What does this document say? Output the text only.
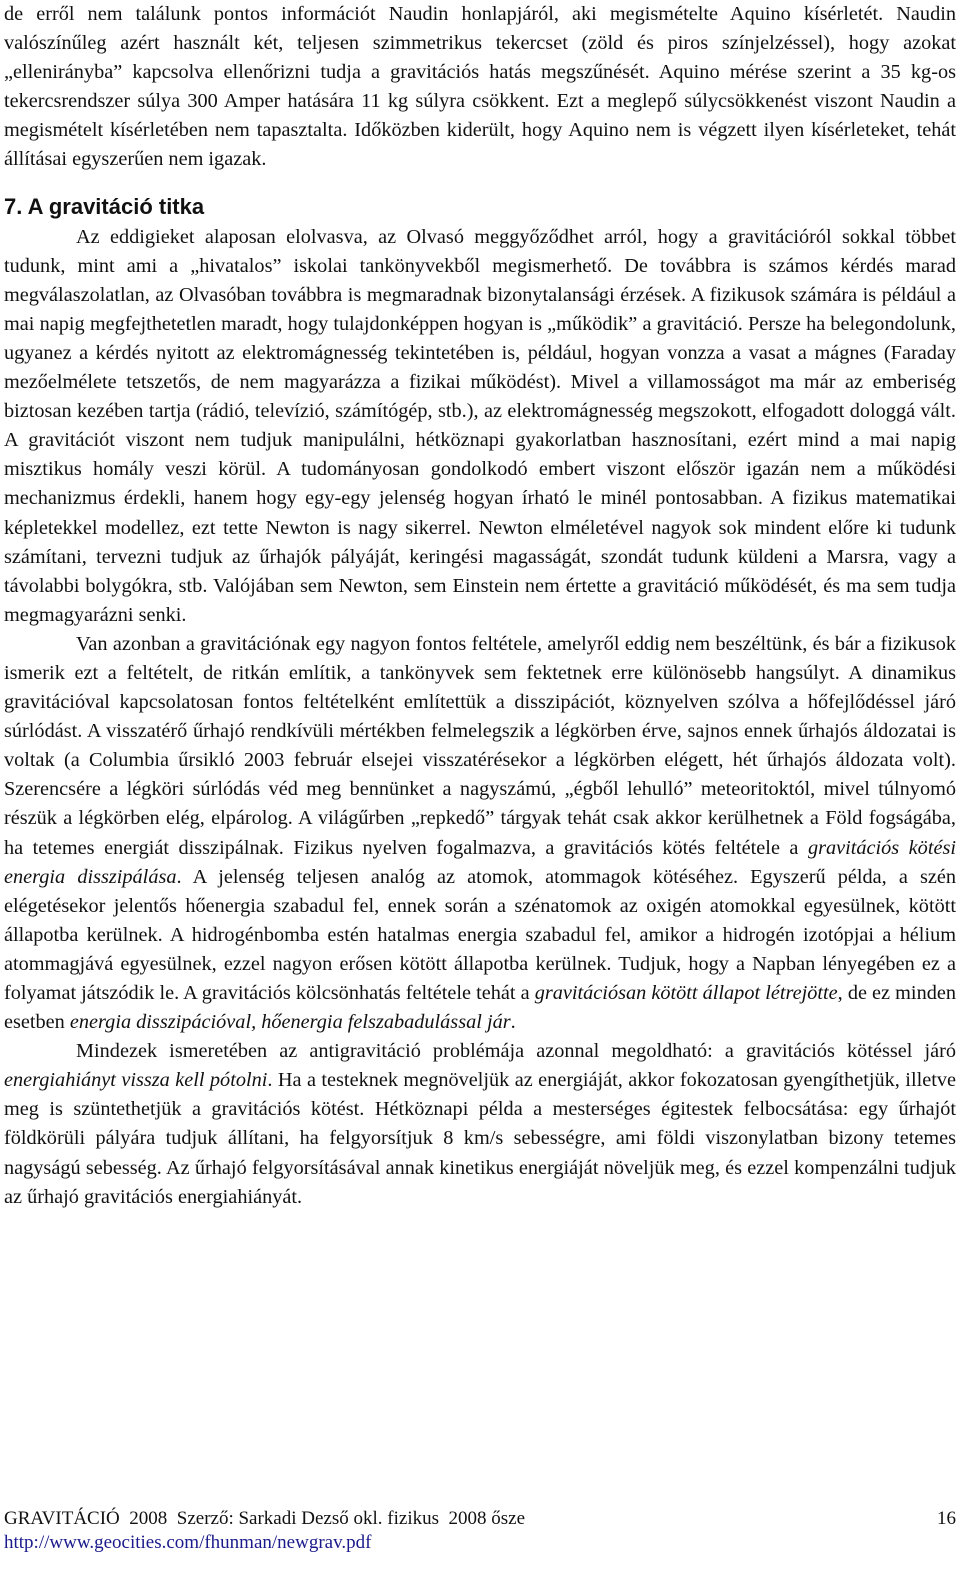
de erről nem találunk pontos információt Naudin honlapjáról, aki megismételte Aquino kísérletét. Naudin valószínűleg azért használt két, teljesen szimmetrikus tekercset (zöld és piros színjelzéssel), hogy azokat „ellenirányba” kapcsolva ellenőrizni tudja a gravitációs hatás megszűnését. Aquino mérése szerint a 35 kg-os tekercsrendszer súlya 300 Amper hatására 11 kg súlyra csökkent. Ezt a meglepő súlycsökkenést viszont Naudin a megismételt kísérletében nem tapasztalta. Időközben kiderült, hogy Aquino nem is végzett ilyen kísérleteket, tehát állításai egyszerűen nem igazak.

7. A gravitáció titka

Az eddigieket alaposan elolvasva, az Olvasó meggyőződhet arról, hogy a gravitációról sokkal többet tudunk, mint ami a „hivatalos” iskolai tankönyvekből megismerhető. De továbbra is számos kérdés marad megválaszolatlan, az Olvasóban továbbra is megmaradnak bizonytalansági érzések. A fizikusok számára is például a mai napig megfejthetetlen maradt, hogy tulajdonképpen hogyan is „működik” a gravitáció. Persze ha belegondolunk, ugyanez a kérdés nyitott az elektromágnesség tekintetében is, például, hogyan vonzza a vasat a mágnes (Faraday mezőelmélete tetszetős, de nem magyarázza a fizikai működést). Mivel a villamosságot ma már az emberiség biztosan kezében tartja (rádió, televízió, számítógép, stb.), az elektromágnesség megszokott, elfogadott dologgá vált. A gravitációt viszont nem tudjuk manipulálni, hétköznapi gyakorlatban hasznosítani, ezért mind a mai napig misztikus homály veszi körül. A tudományosan gondolkodó embert viszont először igazán nem a működési mechanizmus érdekli, hanem hogy egy-egy jelenség hogyan írható le minél pontosabban. A fizikus matematikai képletekkel modellez, ezt tette Newton is nagy sikerrel. Newton elméletével nagyok sok mindent előre ki tudunk számítani, tervezni tudjuk az űrhajók pályáját, keringési magasságát, szondát tudunk küldeni a Marsra, vagy a távolabbi bolygókra, stb. Valójában sem Newton, sem Einstein nem értette a gravitáció működését, és ma sem tudja megmagyarázni senki.

Van azonban a gravitációnak egy nagyon fontos feltétele, amelyről eddig nem beszéltünk, és bár a fizikusok ismerik ezt a feltételt, de ritkán említik, a tankönyvek sem fektetnek erre különösebb hangsúlyt. A dinamikus gravitációval kapcsolatosan fontos feltételként említettük a disszipációt, köznyelven szólva a hőfejlődéssel járó súrlódást. A visszatérő űrhajó rendkívüli mértékben felmelegszik a légkörben érve, sajnos ennek űrhajós áldozatai is voltak (a Columbia űrsikló 2003 február elsejei visszatérésekor a légkörben elégett, hét űrhajós áldozata volt). Szerencsére a légköri súrlódás véd meg bennünket a nagyszámú, „égből lehulló” meteoritoktól, mivel túlnyomó részük a légkörben elég, elpárolog. A világűrben „repkedő” tárgyak tehát csak akkor kerülhetnek a Föld fogságába, ha tetemes energiát disszipálnak. Fizikus nyelven fogalmazva, a gravitációs kötés feltétele a gravitációs kötési energia disszipálása. A jelenség teljesen analóg az atomok, atommagok kötéséhez. Egyszerű példa, a szén elégetésekor jelentős hőenergia szabadul fel, ennek során a szénatomok az oxigén atomokkal egyesülnek, kötött állapotba kerülnek. A hidrogénbomba estén hatalmas energia szabadul fel, amikor a hidrogén izotópjai a hélium atommagjává egyesülnek, ezzel nagyon erősen kötött állapotba kerülnek. Tudjuk, hogy a Napban lényegében ez a folyamat játszódik le. A gravitációs kölcsönhatás feltétele tehát a gravitációsan kötött állapot létrejötte, de ez minden esetben energia disszipációval, hőenergia felszabadulással jár.

Mindezek ismeretében az antigravitáció problémája azonnal megoldható: a gravitációs kötéssel járó energiahiányt vissza kell pótolni. Ha a testeknek megnöveljük az energiáját, akkor fokozatosan gyengíthetjük, illetve meg is szüntethetjük a gravitációs kötést. Hétköznapi példa a mesterséges égitestek felbocsátása: egy űrhajót földkörüli pályára tudjuk állítani, ha felgyorsítjuk 8 km/s sebességre, ami földi viszonylatban bizony tetemes nagyságú sebesség. Az űrhajó felgyorsításával annak kinetikus energiáját növeljük meg, és ezzel kompenzálni tudjuk az űrhajó gravitációs energiahiányát.

GRAVITÁCIÓ  2008  Szerző: Sarkadi Dezső okl. fizikus  2008 ősze	16
http://www.geocities.com/fhunman/newgrav.pdf
